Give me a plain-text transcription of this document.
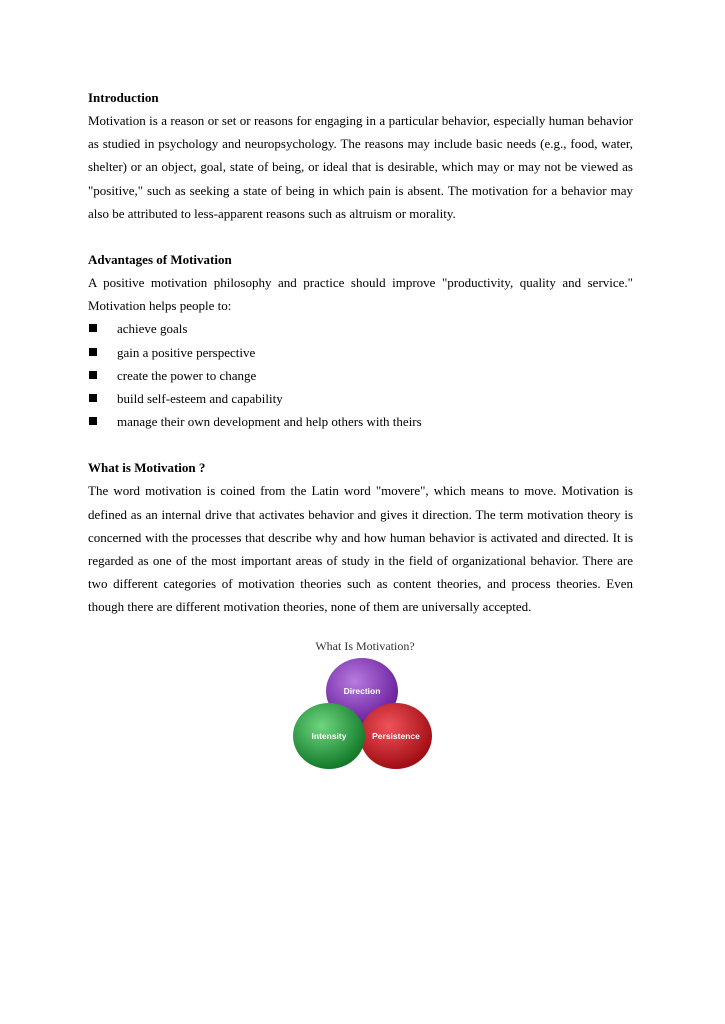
Introduction

Motivation is a reason or set or reasons for engaging in a particular behavior, especially human behavior as studied in psychology and neuropsychology. The reasons may include basic needs (e.g., food, water, shelter) or an object, goal, state of being, or ideal that is desirable, which may or may not be viewed as "positive," such as seeking a state of being in which pain is absent. The motivation for a behavior may also be attributed to less-apparent reasons such as altruism or morality.

Advantages of Motivation

A positive motivation philosophy and practice should improve "productivity, quality and service." Motivation helps people to:

achieve goals
gain a positive perspective
create the power to change
build self-esteem and capability
manage their own development and help others with theirs

What is Motivation ?

The word motivation is coined from the Latin word "movere", which means to move. Motivation is defined as an internal drive that activates behavior and gives it direction. The term motivation theory is concerned with the processes that describe why and how human behavior is activated and directed. It is regarded as one of the most important areas of study in the field of organizational behavior. There are two different categories of motivation theories such as content theories, and process theories. Even though there are different motivation theories, none of them are universally accepted.

What Is Motivation?
Direction
Intensity	Persistence
